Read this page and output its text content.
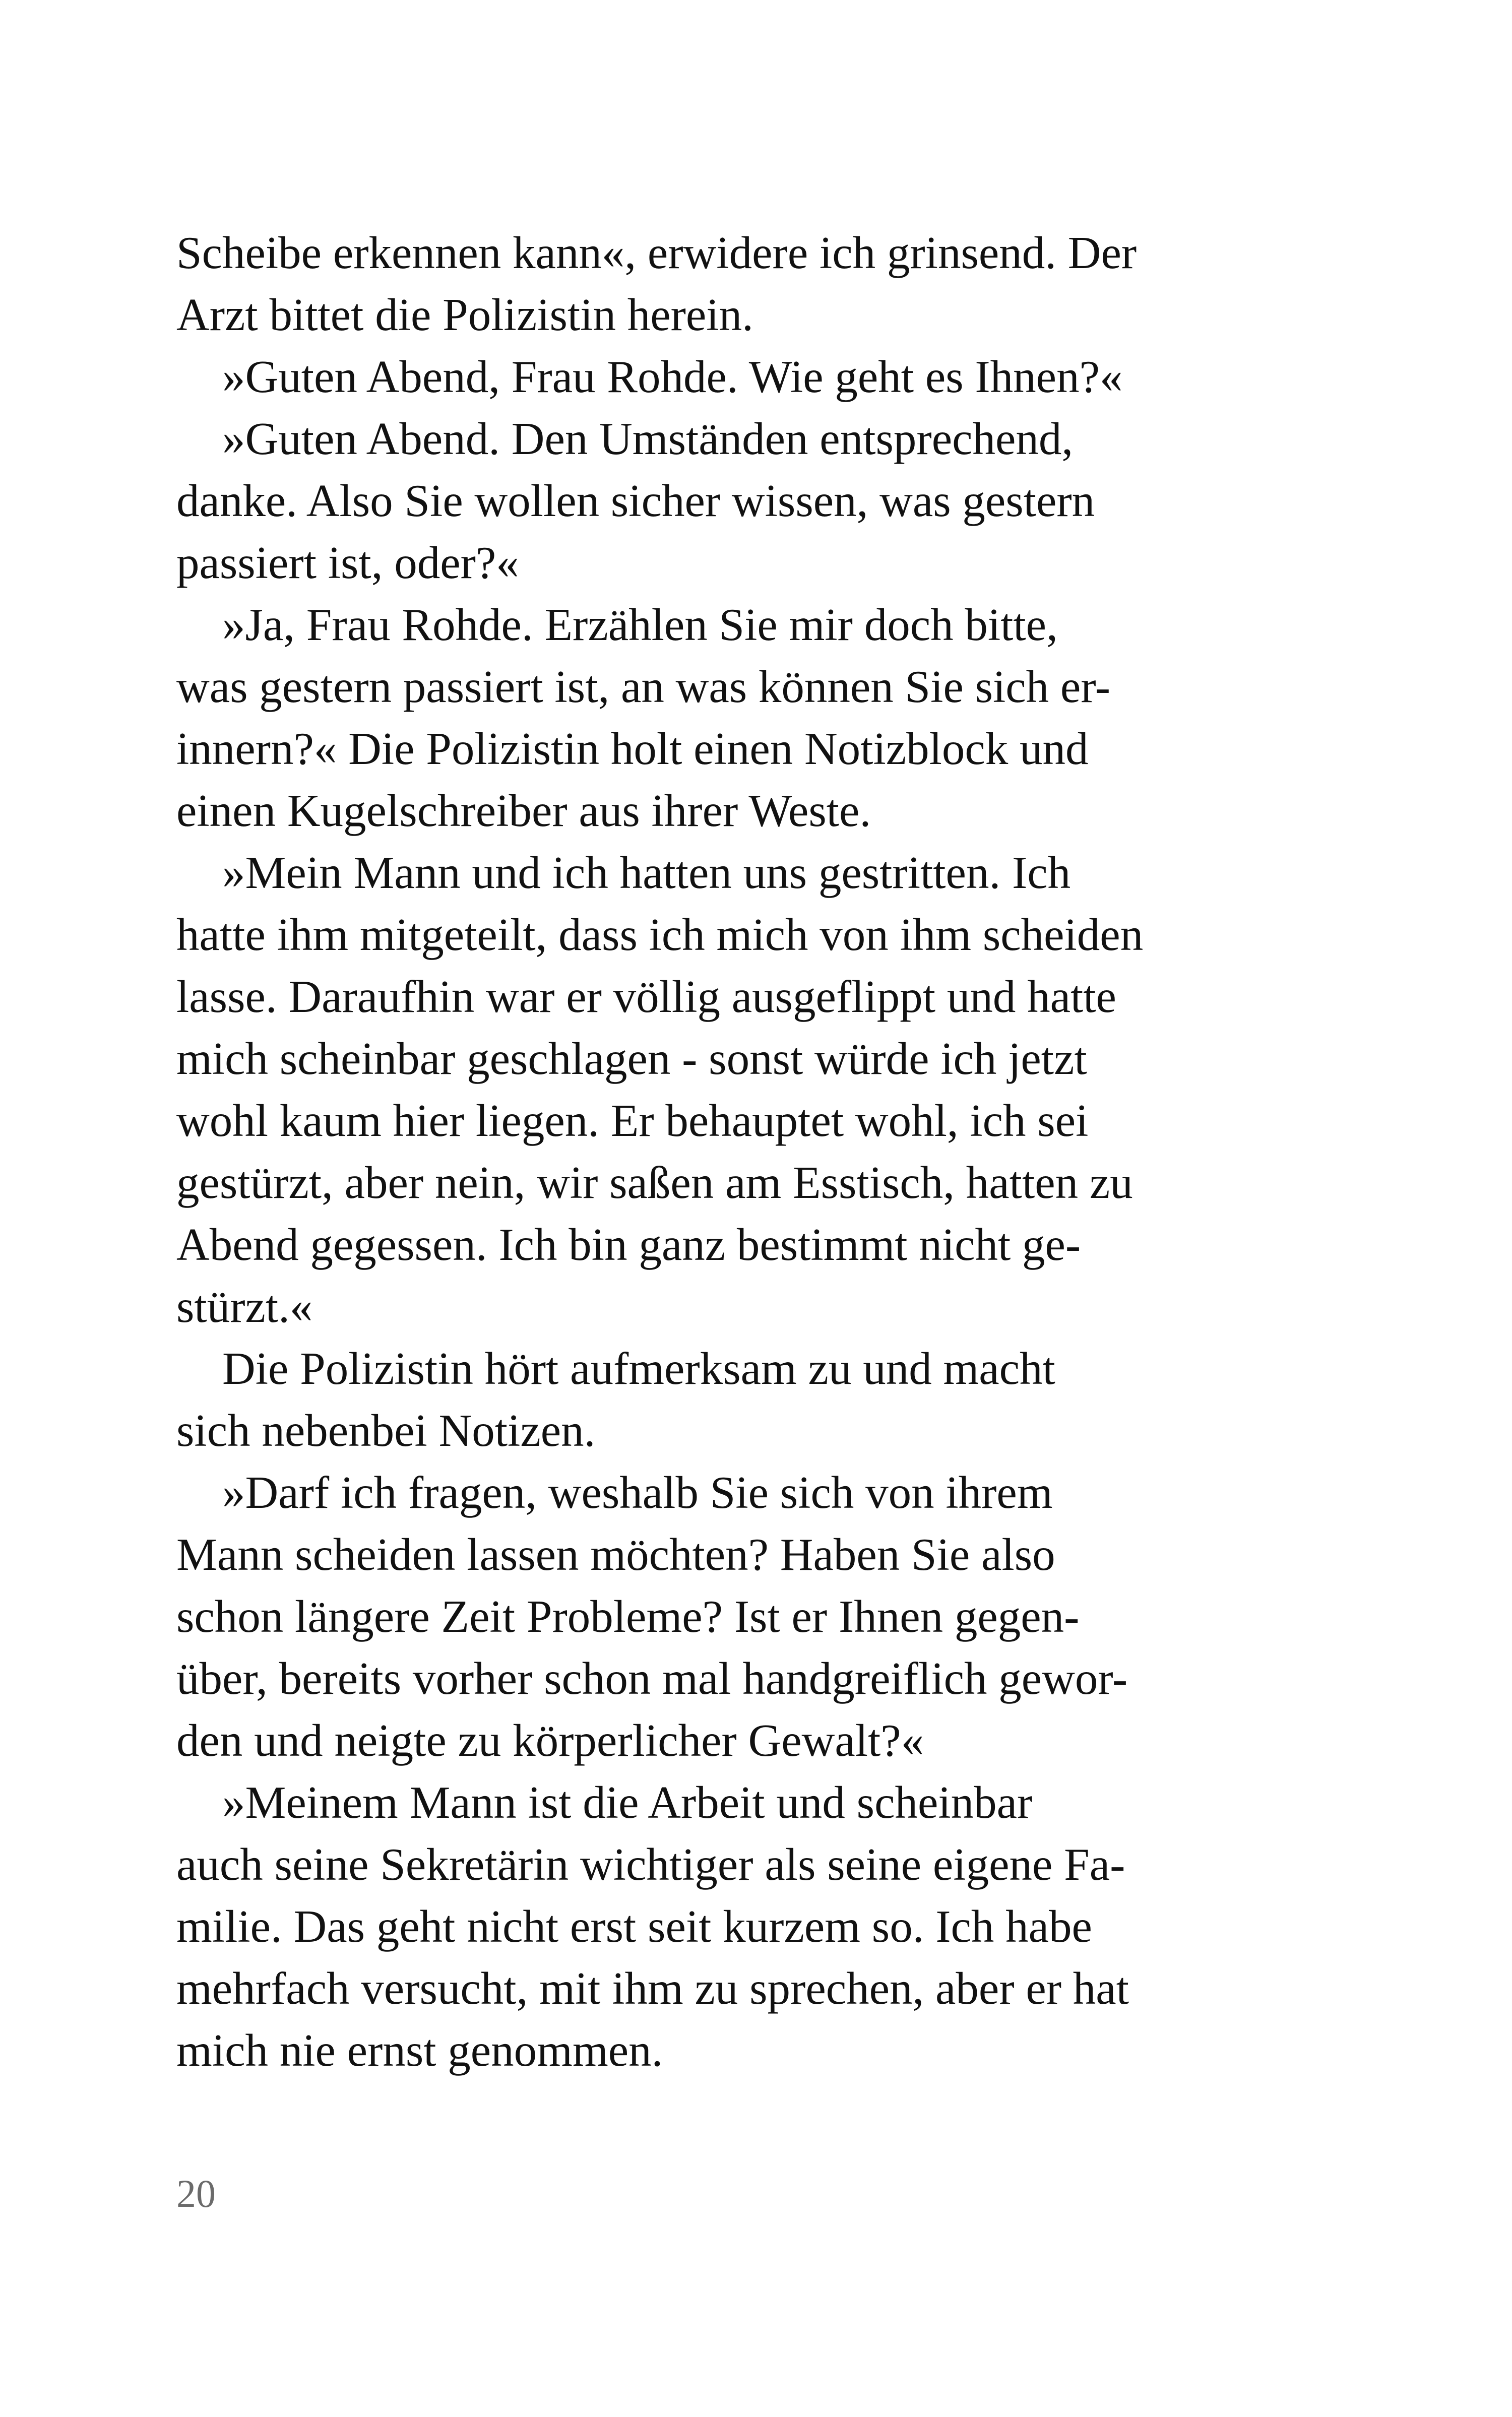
Scheibe erkennen kann«, erwidere ich grinsend. Der
Arzt bittet die Polizistin herein.
»Guten Abend, Frau Rohde. Wie geht es Ihnen?«
»Guten Abend. Den Umständen entsprechend,
danke. Also Sie wollen sicher wissen, was gestern
passiert ist, oder?«
»Ja, Frau Rohde. Erzählen Sie mir doch bitte,
was gestern passiert ist, an was können Sie sich er-
innern?« Die Polizistin holt einen Notizblock und
einen Kugelschreiber aus ihrer Weste.
»Mein Mann und ich hatten uns gestritten. Ich
hatte ihm mitgeteilt, dass ich mich von ihm scheiden
lasse. Daraufhin war er völlig ausgeflippt und hatte
mich scheinbar geschlagen - sonst würde ich jetzt
wohl kaum hier liegen. Er behauptet wohl, ich sei
gestürzt, aber nein, wir saßen am Esstisch, hatten zu
Abend gegessen. Ich bin ganz bestimmt nicht ge-
stürzt.«
Die Polizistin hört aufmerksam zu und macht
sich nebenbei Notizen.
»Darf ich fragen, weshalb Sie sich von ihrem
Mann scheiden lassen möchten? Haben Sie also
schon längere Zeit Probleme? Ist er Ihnen gegen-
über, bereits vorher schon mal handgreiflich gewor-
den und neigte zu körperlicher Gewalt?«
»Meinem Mann ist die Arbeit und scheinbar
auch seine Sekretärin wichtiger als seine eigene Fa-
milie. Das geht nicht erst seit kurzem so. Ich habe
mehrfach versucht, mit ihm zu sprechen, aber er hat
mich nie ernst genommen.
20
